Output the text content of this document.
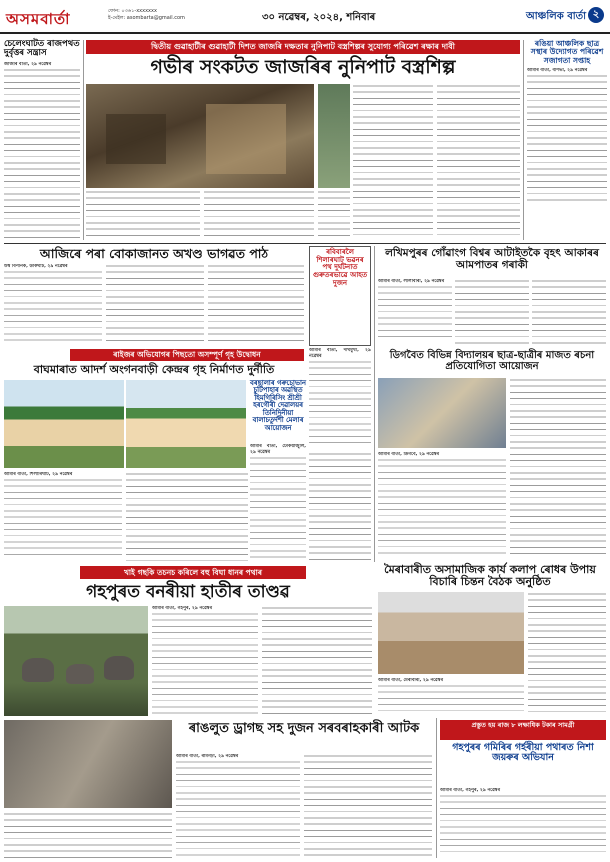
অসমবাৰ্তা	ফোন: ০৩৬১-xxxxxxx
ই-মেইল: asombarta@gmail.com	৩০ নৱেম্বৰ, ২০২৪, শনিবাৰ	আঞ্চলিক বাৰ্তা ২
চেলেংঘাটত ৰাজপথত দুৰ্বৃত্তৰ সন্ত্ৰাস
জাজৰি বাৰ্তা, ২৯ নৱেম্বৰ
দ্বিতীয় গুৱাহাটীৰ গুৱাহাটী দিশত জাজৰি দক্ষতাৰ নুনিপাট বস্ত্ৰশিল্পৰ সুযোগ্য পৰিৱেশ ৰক্ষাৰ দাবী
গভীৰ সংকটত জাজৰিৰ নুনিপাট বস্ত্ৰশিল্প
ৰঙিয়া আঞ্চলিক ছাত্ৰ সস্থাৰ উদ্যোগত পৰিৱেশ সজাগতা সপ্তাহ
আমাৰ বাৰ্তা, বৰ্ণিভা, ২৯ নৱেম্বৰ
আজিৰে পৰা বোকাজানত অখণ্ড ভাগৱত পাঠ
উম্ব বিপৰ্নিক, ডাকঘাট, ২৯ নৱেম্বৰ
ৰবিবাৰলৈ শিলাৰঘাট ভৱনৰ পথ দুৰ্ঘটনাত গুৰুতৰভাৱে আহত দুজন
আমাৰ বাৰ্তা, দীৰ্ঘমুখী, ২৯ নৱেম্বৰ
লখিমপুৰৰ গোঁৱাংগ বিশ্বৰ আটাইতকৈ বৃহৎ আকাৰৰ আমপাতৰ গৰাকী
আমাৰ বাৰ্তা, লীলাবাৰী, ২৯ নৱেম্বৰ
ৰাইজৰ অভিযোগৰ পিছতো অসম্পূৰ্ণ গৃহ উদ্বোধন
বাঘমাৰাত আদৰ্শ অংগনবাড়ী কেন্দ্ৰৰ গৃহ নিৰ্মাণত দুৰ্নীতি
আমাৰ বাৰ্তা, শিলাৰিঘাট, ২৯ নৱেম্বৰ
বৰছালাৰ গৰুচোভান চুটিপাহাৰ অৱস্থিত হিমগিৰিসিং শ্ৰীশ্ৰী হৰগৌৰী দেৱালয়ৰ তিনিদিনীয়া বালাচতুৰ্দশী মেলাৰ আয়োজন
আমাৰ বাৰ্তা, ঢেকিয়াজুলি, ২৯ নৱেম্বৰ
ডিগবৈত বিভিন্ন বিদ্যালয়ৰ ছাত্ৰ-ছাত্ৰীৰ মাজত ৰচনা প্ৰতিযোগিতা আয়োজন
আমাৰ বাৰ্তা, ডিগবৈ, ২৯ নৱেম্বৰ
মৈৰাবাৰীত অসামাজিক কাৰ্য কলাপ ৰোধৰ উপায় বিচাৰি চিন্তন বৈঠক অনুষ্ঠিত
আমাৰ বাৰ্তা, মৈৰাবাৰী, ২৯ নৱেম্বৰ
খাই গছকি তচনচ কৰিলে বহু বিঘা ধানৰ পথাৰ
গহপুৰত বনৰীয়া হাতীৰ তাণ্ডৱ
আমাৰ বাৰ্তা, গহপুৰ, ২৯ নৱেম্বৰ
ৰাঙলুত ড্ৰাগছ সহ দুজন সৰবৰাহকাৰী আটক
আমাৰ বাৰ্তা, ৰামগঢ়া, ২৯ নৱেম্বৰ
প্ৰস্তুত হয় ৰাজ ৮ লক্ষাধিক টকাৰ সামগ্ৰী
গহপুৰৰ গমিৰিৰ গৰ্হৰীয়া পথাৰত নিশা জয়ৰুৰ অভিযান
আমাৰ বাৰ্তা, গহপুৰ, ২৯ নৱেম্বৰ
